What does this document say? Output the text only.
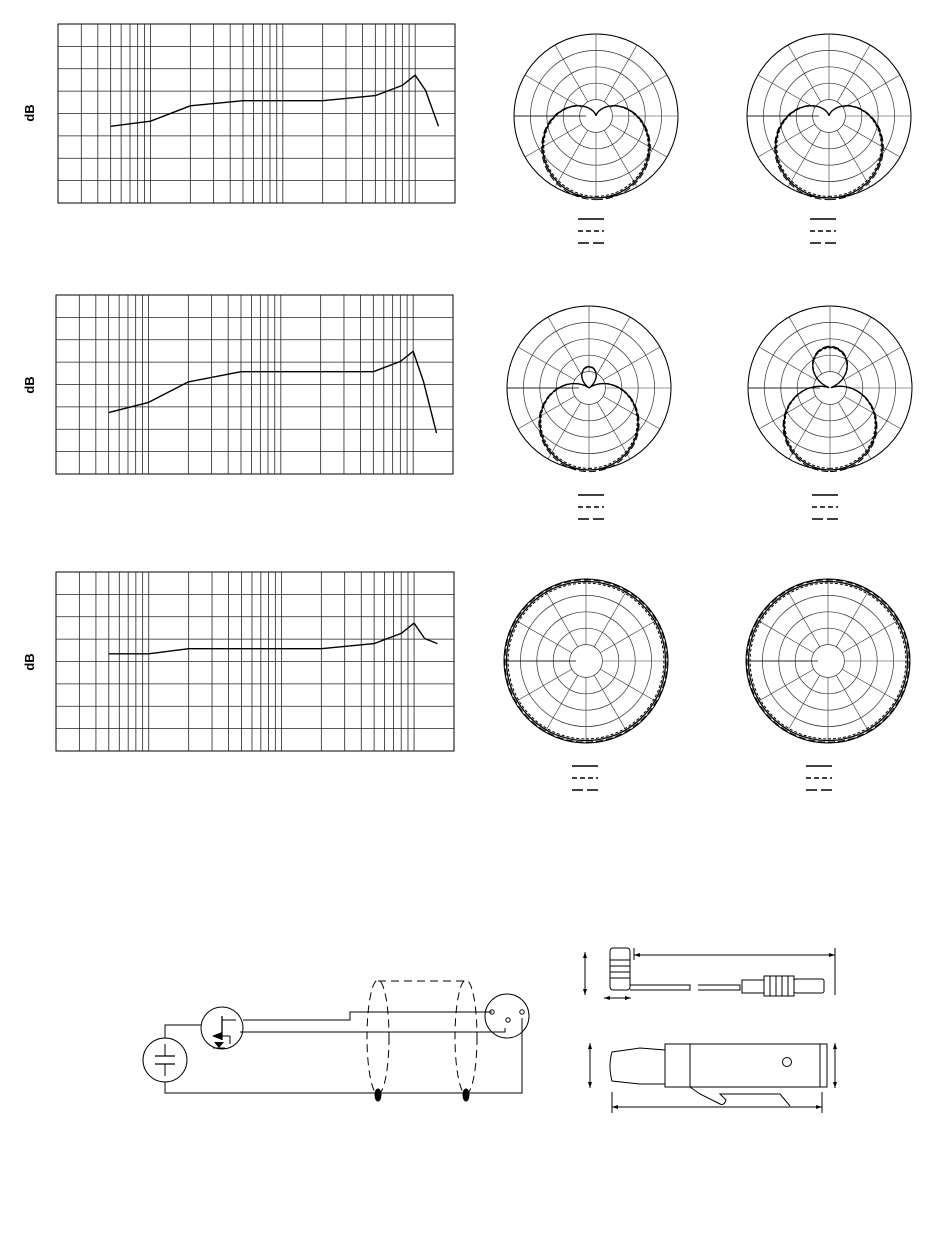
dB
dB
dB
